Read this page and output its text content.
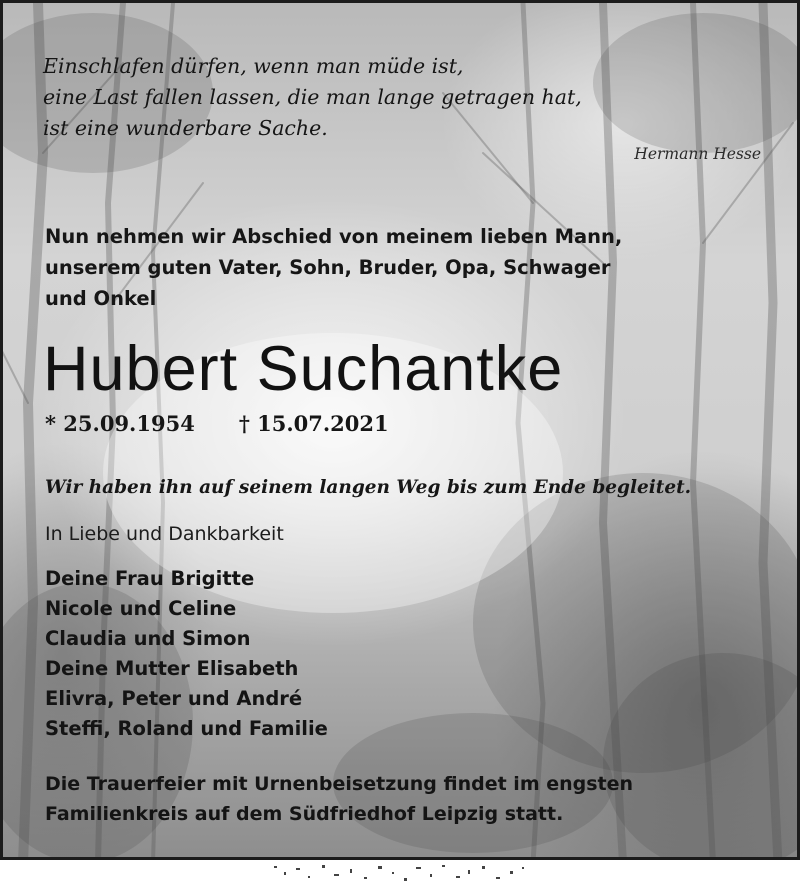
Einschlafen dürfen, wenn man müde ist,
eine Last fallen lassen, die man lange getragen hat,
ist eine wunderbare Sache.

Hermann Hesse

Nun nehmen wir Abschied von meinem lieben Mann,
unserem guten Vater, Sohn, Bruder, Opa, Schwager
und Onkel

Hubert Suchantke
* 25.09.1954 † 15.07.2021
Wir haben ihn auf seinem langen Weg bis zum Ende begleitet.
In Liebe und Dankbarkeit
Deine Frau Brigitte
Nicole und Celine
Claudia und Simon
Deine Mutter Elisabeth
Elivra, Peter und André
Steffi, Roland und Familie

Die Trauerfeier mit Urnenbeisetzung findet im engsten
Familienkreis auf dem Südfriedhof Leipzig statt.
